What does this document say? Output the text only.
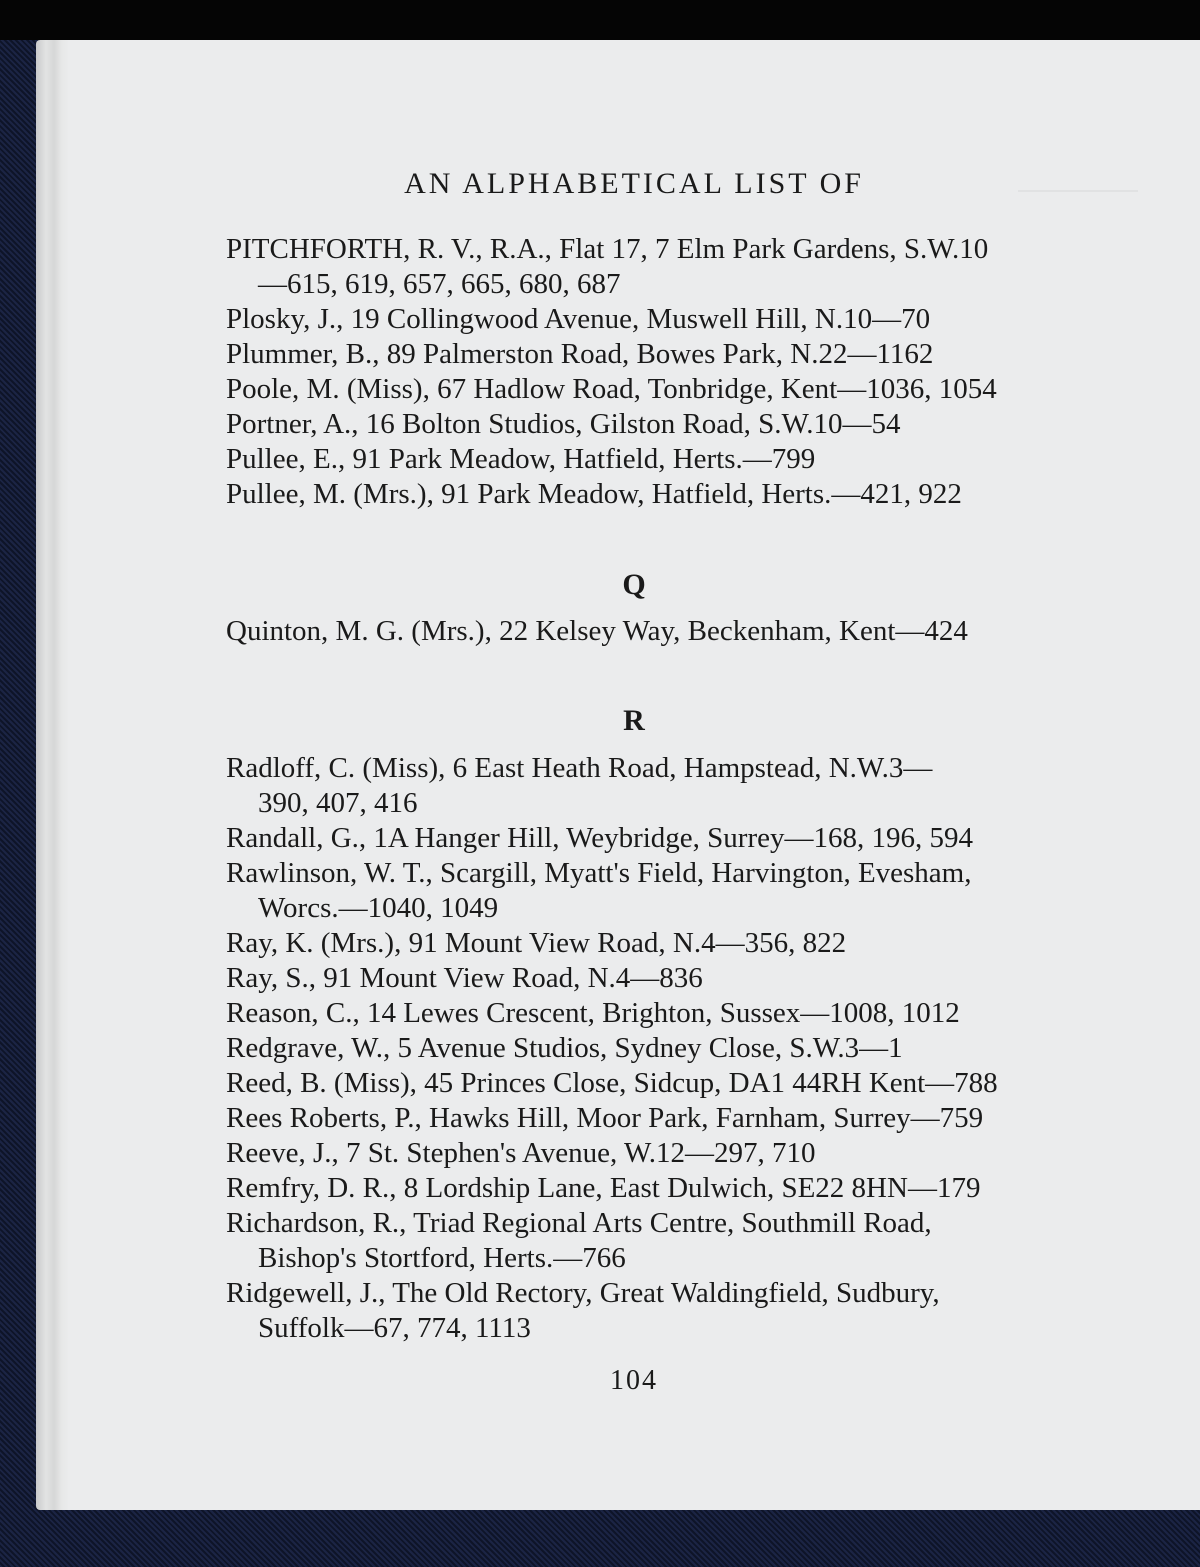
AN ALPHABETICAL LIST OF
PITCHFORTH, R. V., R.A., Flat 17, 7 Elm Park Gardens, S.W.10
—615, 619, 657, 665, 680, 687
Plosky, J., 19 Collingwood Avenue, Muswell Hill, N.10—70
Plummer, B., 89 Palmerston Road, Bowes Park, N.22—1162
Poole, M. (Miss), 67 Hadlow Road, Tonbridge, Kent—1036, 1054
Portner, A., 16 Bolton Studios, Gilston Road, S.W.10—54
Pullee, E., 91 Park Meadow, Hatfield, Herts.—799
Pullee, M. (Mrs.), 91 Park Meadow, Hatfield, Herts.—421, 922
Quinton, M. G. (Mrs.), 22 Kelsey Way, Beckenham, Kent—424
Radloff, C. (Miss), 6 East Heath Road, Hampstead, N.W.3—
390, 407, 416
Randall, G., 1A Hanger Hill, Weybridge, Surrey—168, 196, 594
Rawlinson, W. T., Scargill, Myatt's Field, Harvington, Evesham,
Worcs.—1040, 1049
Ray, K. (Mrs.), 91 Mount View Road, N.4—356, 822
Ray, S., 91 Mount View Road, N.4—836
Reason, C., 14 Lewes Crescent, Brighton, Sussex—1008, 1012
Redgrave, W., 5 Avenue Studios, Sydney Close, S.W.3—1
Reed, B. (Miss), 45 Princes Close, Sidcup, DA1 44RH Kent—788
Rees Roberts, P., Hawks Hill, Moor Park, Farnham, Surrey—759
Reeve, J., 7 St. Stephen's Avenue, W.12—297, 710
Remfry, D. R., 8 Lordship Lane, East Dulwich, SE22 8HN—179
Richardson, R., Triad Regional Arts Centre, Southmill Road,
Bishop's Stortford, Herts.—766
Ridgewell, J., The Old Rectory, Great Waldingfield, Sudbury,
Suffolk—67, 774, 1113
Q
R
104
